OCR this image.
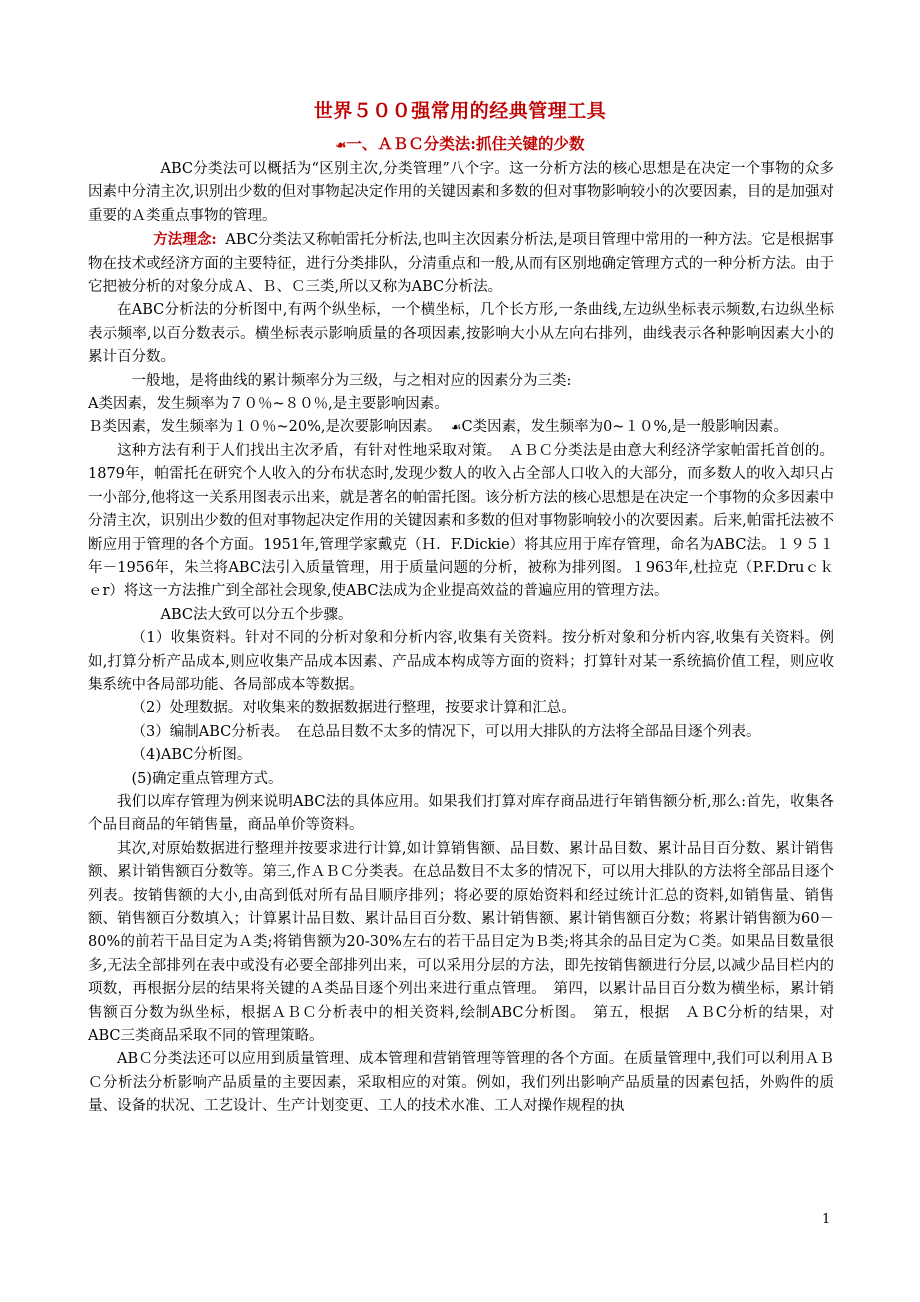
世界５００强常用的经典管理工具
☙一、ＡＢＣ分类法:抓住关键的少数

ABC分类法可以概括为“区别主次,分类管理”八个字。这一分析方法的核心思想是在决定一个事物的众多因素中分清主次,识别出少数的但对事物起决定作用的关键因素和多数的但对事物影响较小的次要因素，目的是加强对重要的Ａ类重点事物的管理。

方法理念: ABC分类法又称帕雷托分析法,也叫主次因素分析法,是项目管理中常用的一种方法。它是根据事物在技术或经济方面的主要特征，进行分类排队，分清重点和一般,从而有区别地确定管理方式的一种分析方法。由于它把被分析的对象分成Ａ、Ｂ、Ｃ三类,所以又称为ABC分析法。

在ABC分析法的分析图中,有两个纵坐标，一个横坐标，几个长方形,一条曲线,左边纵坐标表示频数,右边纵坐标表示频率,以百分数表示。横坐标表示影响质量的各项因素,按影响大小从左向右排列，曲线表示各种影响因素大小的累计百分数。

一般地，是将曲线的累计频率分为三级，与之相对应的因素分为三类:

A类因素，发生频率为７０％~８０％,是主要影响因素。

Ｂ类因素，发生频率为１０％~20%,是次要影响因素。 ☙C类因素，发生频率为0~１０%,是一般影响因素。

这种方法有利于人们找出主次矛盾，有针对性地采取对策。　ＡＢＣ分类法是由意大利经济学家帕雷托首创的。1879年，帕雷托在研究个人收入的分布状态时,发现少数人的收入占全部人口收入的大部分，而多数人的收入却只占一小部分,他将这一关系用图表示出来，就是著名的帕雷托图。该分析方法的核心思想是在决定一个事物的众多因素中分清主次，识别出少数的但对事物起决定作用的关键因素和多数的但对事物影响较小的次要因素。后来,帕雷托法被不断应用于管理的各个方面。1951年,管理学家戴克（Ｈ．F.Dickie）将其应用于库存管理，命名为ABC法。１９５１年－1956年，朱兰将ABC法引入质量管理，用于质量问题的分析，被称为排列图。１963年,杜拉克（P.F.Druｃｋｅr）将这一方法推广到全部社会现象,使ABC法成为企业提高效益的普遍应用的管理方法。

ABC法大致可以分五个步骤。

（1）收集资料。针对不同的分析对象和分析内容,收集有关资料。按分析对象和分析内容,收集有关资料。例如,打算分析产品成本,则应收集产品成本因素、产品成本构成等方面的资料；打算针对某一系统搞价值工程，则应收集系统中各局部功能、各局部成本等数据。

（2）处理数据。对收集来的数据数据进行整理，按要求计算和汇总。

（3）编制ABC分析表。　在总品目数不太多的情况下，可以用大排队的方法将全部品目逐个列表。

（4)ABC分析图。

(5)确定重点管理方式。

我们以库存管理为例来说明ABC法的具体应用。如果我们打算对库存商品进行年销售额分析,那么:首先，收集各个品目商品的年销售量，商品单价等资料。

其次,对原始数据进行整理并按要求进行计算,如计算销售额、品目数、累计品目数、累计品目百分数、累计销售额、累计销售额百分数等。第三,作ＡＢＣ分类表。在总品数目不太多的情况下，可以用大排队的方法将全部品目逐个列表。按销售额的大小,由高到低对所有品目顺序排列；将必要的原始资料和经过统计汇总的资料,如销售量、销售额、销售额百分数填入；计算累计品目数、累计品目百分数、累计销售额、累计销售额百分数；将累计销售额为60－80%的前若干品目定为Ａ类;将销售额为20-30%左右的若干品目定为Ｂ类;将其余的品目定为Ｃ类。如果品目数量很多,无法全部排列在表中或没有必要全部排列出来，可以采用分层的方法，即先按销售额进行分层,以减少品目栏内的项数，再根据分层的结果将关键的Ａ类品目逐个列出来进行重点管理。　第四，以累计品目百分数为横坐标，累计销售额百分数为纵坐标，根据ＡＢＣ分析表中的相关资料,绘制ABC分析图。　第五，根据　ＡＢC分析的结果，对　ABC三类商品采取不同的管理策略。

ABＣ分类法还可以应用到质量管理、成本管理和营销管理等管理的各个方面。在质量管理中,我们可以利用ＡＢＣ分析法分析影响产品质量的主要因素，采取相应的对策。例如，我们列出影响产品质量的因素包括，外购件的质量、设备的状况、工艺设计、生产计划变更、工人的技术水准、工人对操作规程的执

1
